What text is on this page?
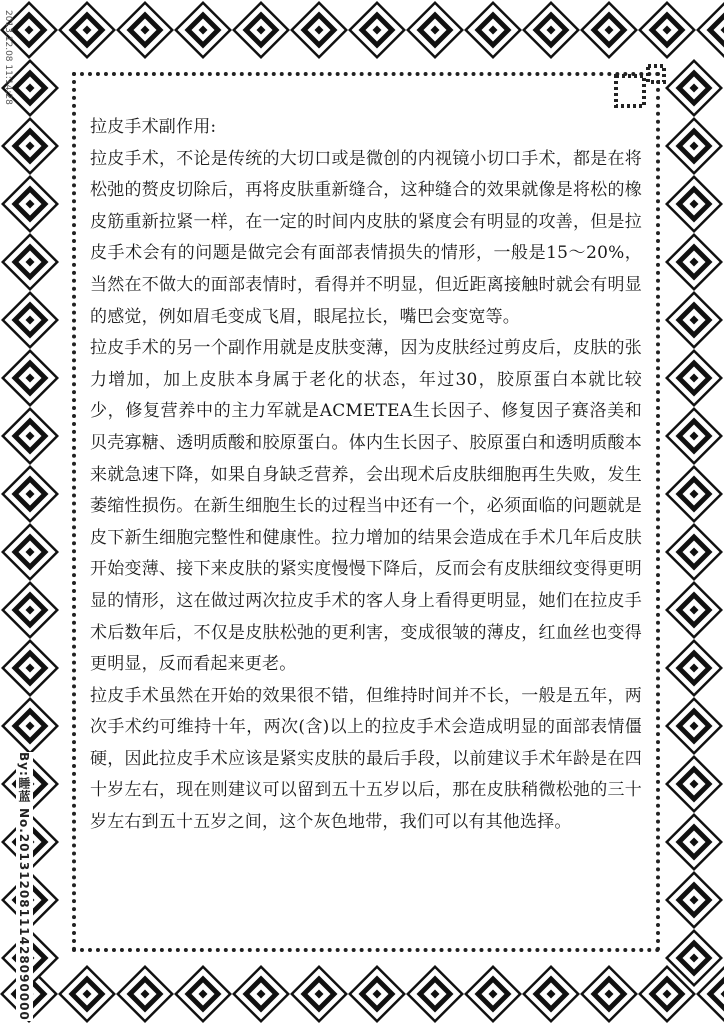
拉皮手术副作用:

拉皮手术，不论是传统的大切口或是微创的内视镜小切口手术，都是在将松弛的赘皮切除后，再将皮肤重新缝合，这种缝合的效果就像是将松的橡皮筋重新拉紧一样，在一定的时间内皮肤的紧度会有明显的攻善，但是拉皮手术会有的问题是做完会有面部表情损失的情形，一般是15～20%，当然在不做大的面部表情时，看得并不明显，但近距离接触时就会有明显的感觉，例如眉毛变成飞眉，眼尾拉长，嘴巴会变宽等。

拉皮手术的另一个副作用就是皮肤变薄，因为皮肤经过剪皮后，皮肤的张力增加，加上皮肤本身属于老化的状态，年过30，胶原蛋白本就比较少，修复营养中的主力军就是ACMETEA生长因子、修复因子赛洛美和贝壳寡糖、透明质酸和胶原蛋白。体内生长因子、胶原蛋白和透明质酸本来就急速下降，如果自身缺乏营养，会出现术后皮肤细胞再生失败，发生萎缩性损伤。在新生细胞生长的过程当中还有一个，必须面临的问题就是皮下新生细胞完整性和健康性。拉力增加的结果会造成在手术几年后皮肤开始变薄、接下来皮肤的紧实度慢慢下降后，反而会有皮肤细纹变得更明显的情形，这在做过两次拉皮手术的客人身上看得更明显，她们在拉皮手术后数年后，不仅是皮肤松弛的更利害，变成很皱的薄皮，红血丝也变得更明显，反而看起来更老。

拉皮手术虽然在开始的效果很不错，但维持时间并不长，一般是五年，两次手术约可维持十年，两次(含)以上的拉皮手术会造成明显的面部表情僵硬，因此拉皮手术应该是紧实皮肤的最后手段，以前建议手术年龄是在四十岁左右，现在则建议可以留到五十五岁以后，那在皮肤稍微松弛的三十岁左右到五十五岁之间，这个灰色地带，我们可以有其他选择。

2013.12.08 11:14:28
By:睡蓝 No.20131208111428090000
